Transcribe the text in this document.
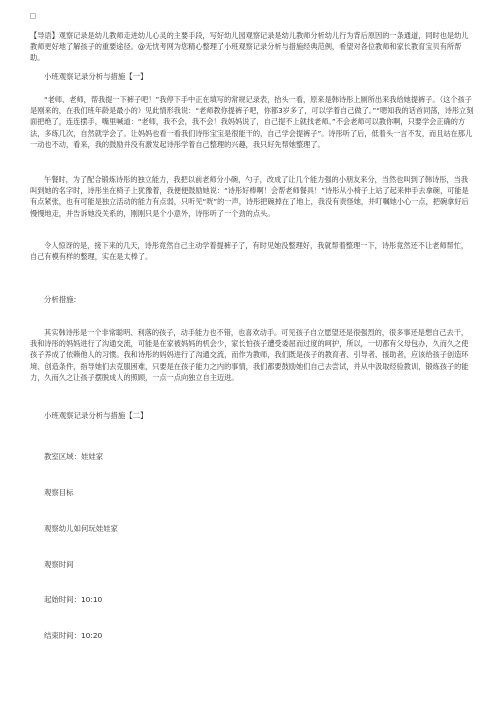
【导语】观察记录是幼儿教师走进幼儿心灵的主要手段，写好幼儿园观察记录是幼儿教师分析幼儿行为背后原因的一条通道，同时也是幼儿教师更好地了解孩子的重要途径。@无忧考网为您精心整理了小班观察记录分析与措施经典范例，希望对各位教师和家长教育宝贝有所帮助。

小班观察记录分析与措施【一】

“老师、老师，帮我提一下裤子吧！”我停下手中正在填写的常规记录表，抬头一看，原来是韩诗彤上厕所出来我给她提裤子。（这个孩子是刚来的，在我们班年龄是最小的）见此情形我说：“老师教你提裤子吧，你都3岁多了，可以学着自己做了。”“嗯知我的话首同荡，诗彤立刻面把绝了，连连摆手，嘴里喊道：“老师，我不会，我不会！我妈妈说了，自己提不上就找老师。”不会老师可以教你啊，只要学会正确的方法，多练几次，自然就学会了。让妈妈也看一看我们诗彤宝宝是很能干的，自己学会提裤子”。诗彤听了后，低着头一言不发，而且站在那儿一动也不动，看来，我的鼓励并没有激发起诗彤学着自己整理的兴趣，我只好先帮她整理了。

午餐时，为了配合锻炼诗彤的独立能力，我把以前老师分小碗，勺子，改成了让几个能力强的小朋友来分，当然也叫到了韩诗彤，当我叫到她的名字时，诗彤坐在椅子上犹豫着，我便便鼓励她说：“诗彤好棒啊！会帮老师餐具！”诗彤从小椅子上站了起来伸手去拿碗，可能是有点紧张，也有可能是独立活动的能力有点弱，只听见“咣”的一声，诗彤把碗掉在了地上，我没有责怪她，并叮嘱她小心一点，把碗拿好后慢慢地走，并告诉她没关系的，刚刚只是个小意外，诗彤听了一个劲的点头。

令人惊讶的是，接下来的几天，诗彤竟然自己主动学着提裤子了，有时见她没整理好，我就帮着整理一下，诗彤竟然还不让老师帮忙，自己有模有样的整理，实在是太棒了。

分析措施:

其实韩诗彤是一个非常聪明、利落的孩子，动手能力也不错，也喜欢动手。可见孩子自立愿望还是很强烈的，很多事还是想自己去干，我和诗彤的妈妈进行了沟通交流，可能是在家被妈妈的机会少，家长怕孩子遭受委屈而过度的呵护，所以，一切都有父母包办，久而久之使孩子养成了依赖他人的习惯。我和诗彤的妈妈进行了沟通交流，而作为教师，我们既是孩子的教育者、引导者、援助者，应该给孩子创造环境、创造条件，指导她们去克服困难，只要是在孩子能力之内的事情，我们都要鼓励她们自己去尝试，并从中汲取经验教训，锻炼孩子的能力，久而久之让孩子摆脱成人的照顾，一点一点向独立自主迈进。

小班观察记录分析与措施【二】
教室区域：娃娃家
观察目标
观察幼儿如何玩娃娃家
观察时间
起始时间：10:10
结束时间：10:20
